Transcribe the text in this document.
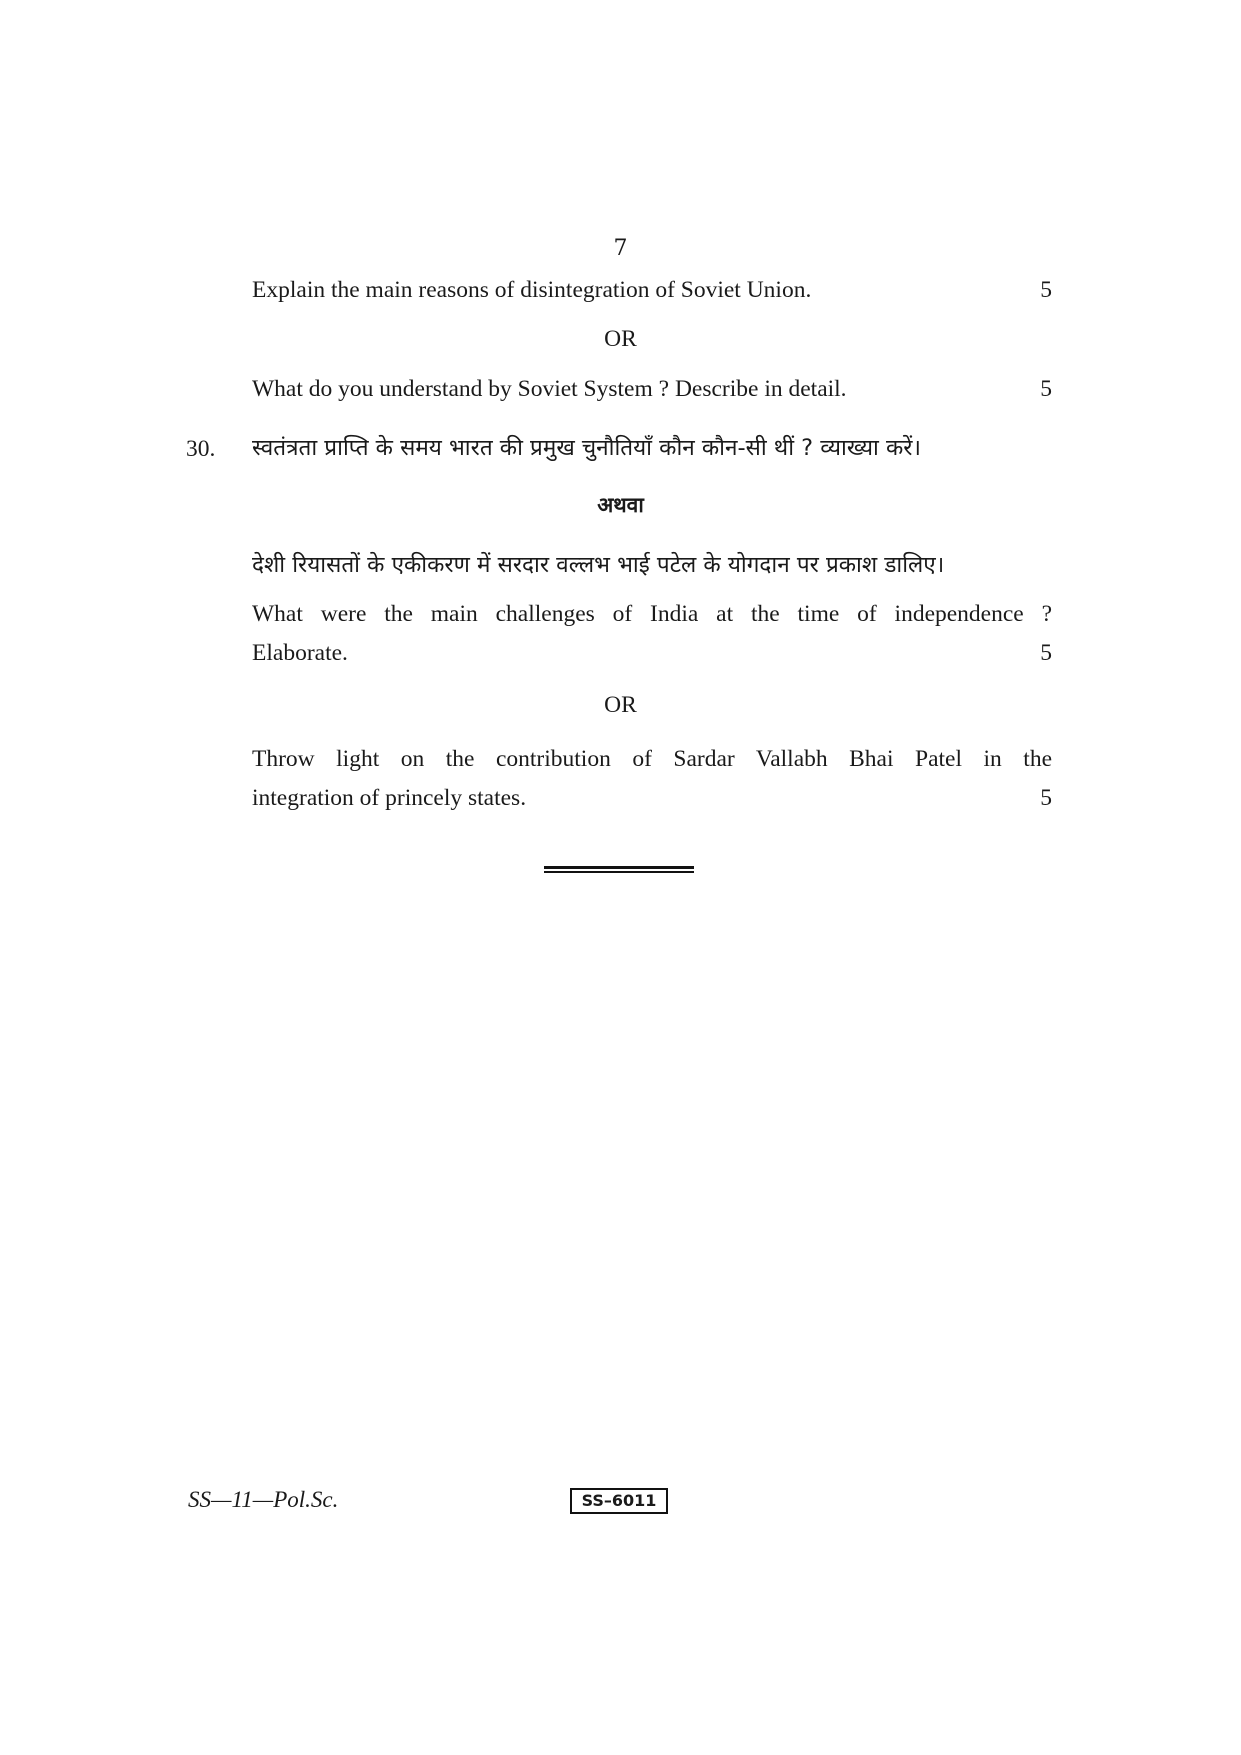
7
Explain the main reasons of disintegration of Soviet Union.	5
OR
What do you understand by Soviet System ? Describe in detail.	5
30. स्वतंत्रता प्राप्ति के समय भारत की प्रमुख चुनौतियाँ कौन कौन-सी थीं ? व्याख्या करें।
अथवा
देशी रियासतों के एकीकरण में सरदार वल्लभ भाई पटेल के योगदान पर प्रकाश डालिए।
What were the main challenges of India at the time of independence ?
Elaborate.	5
OR
Throw light on the contribution of Sardar Vallabh Bhai Patel in the
integration of princely states.	5
SS—11—Pol.Sc.	SS–6011
